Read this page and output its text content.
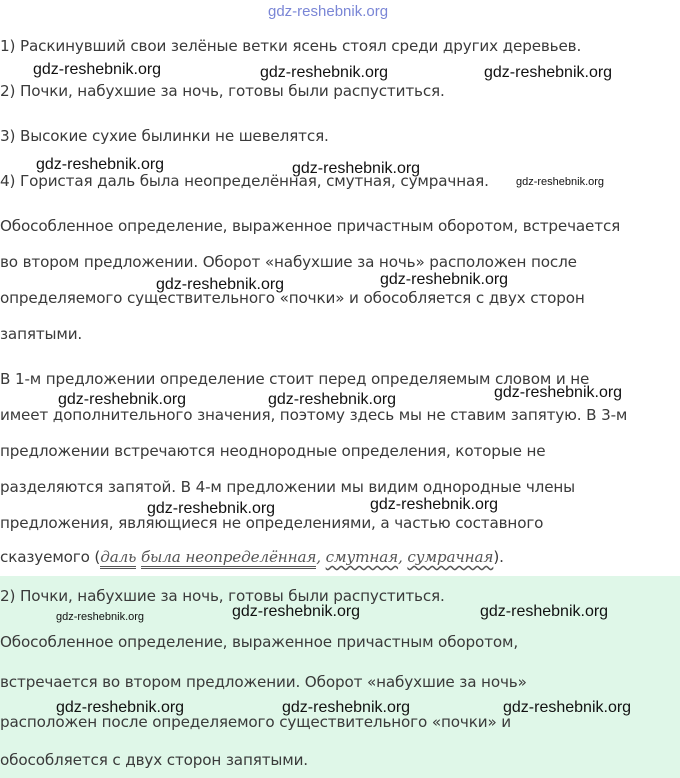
gdz-reshebnik.org
1) Раскинувший свои зелёные ветки ясень стоял среди других деревьев.
2) Почки, набухшие за ночь, готовы были распуститься.
3) Высокие сухие былинки не шевелятся.
4) Гористая даль была неопределённая, смутная, сумрачная.
Обособленное определение, выраженное причастным оборотом, встречается
во втором предложении. Оборот «набухшие за ночь» расположен после
определяемого существительного «почки» и обособляется с двух сторон
запятыми.
В 1-м предложении определение стоит перед определяемым словом и не
имеет дополнительного значения, поэтому здесь мы не ставим запятую. В 3-м
предложении встречаются неоднородные определения, которые не
разделяются запятой. В 4-м предложении мы видим однородные члены
предложения, являющиеся не определениями, а частью составного
сказуемого (даль была неопределённая, смутная, сумрачная).
2) Почки, набухшие за ночь, готовы были распуститься.
Обособленное определение, выраженное причастным оборотом,
встречается во втором предложении. Оборот «набухшие за ночь»
расположен после определяемого существительного «почки» и
обособляется с двух сторон запятыми.
gdz-reshebnik.org	gdz-reshebnik.org	gdz-reshebnik.org
gdz-reshebnik.org	gdz-reshebnik.org
gdz-reshebnik.org
gdz-reshebnik.org
gdz-reshebnik.org
gdz-reshebnik.org
gdz-reshebnik.org	gdz-reshebnik.org
gdz-reshebnik.org
gdz-reshebnik.org
gdz-reshebnik.org	gdz-reshebnik.org
gdz-reshebnik.org
gdz-reshebnik.org	gdz-reshebnik.org	gdz-reshebnik.org
